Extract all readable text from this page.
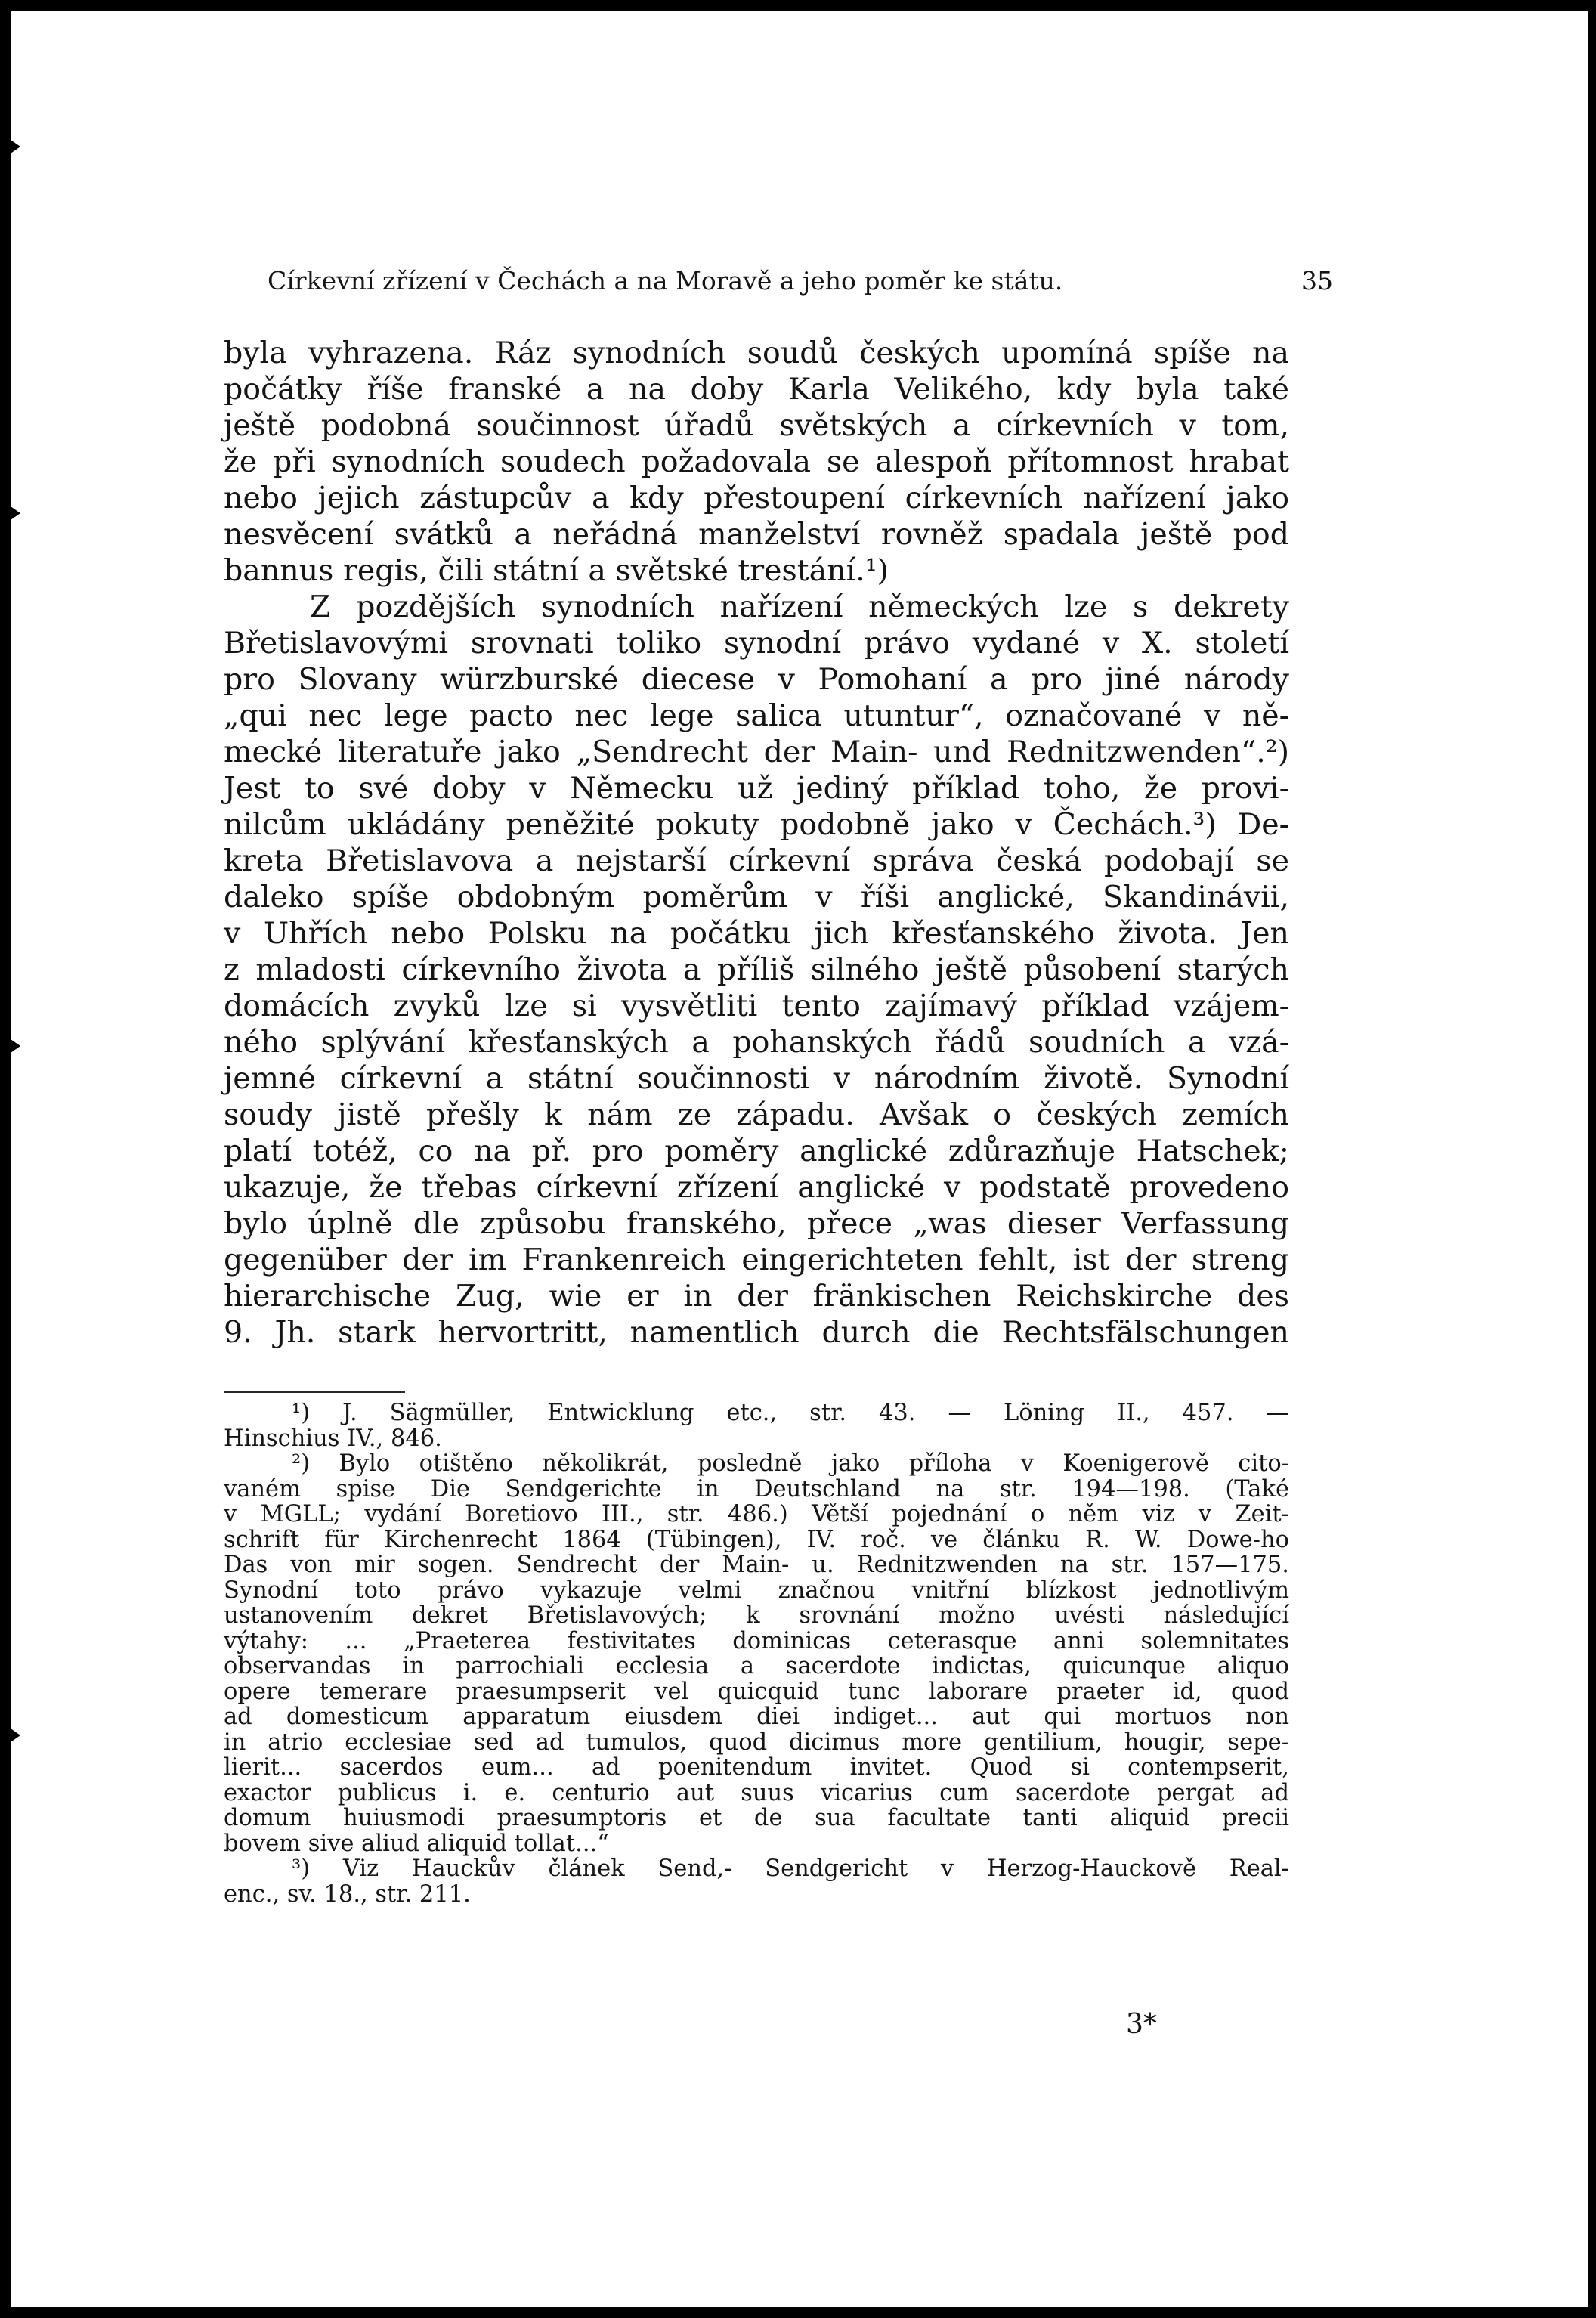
Církevní zřízení v Čechách a na Moravě a jeho poměr ke státu.	35
byla vyhrazena. Ráz synodních soudů českých upomíná spíše na
počátky říše franské a na doby Karla Velikého, kdy byla také
ještě podobná součinnost úřadů světských a církevních v tom,
že při synodních soudech požadovala se alespoň přítomnost hrabat
nebo jejich zástupcův a kdy přestoupení církevních nařízení jako
nesvěcení svátků a neřádná manželství rovněž spadala ještě pod
bannus regis, čili státní a světské trestání.¹)
Z pozdějších synodních nařízení německých lze s dekrety
Břetislavovými srovnati toliko synodní právo vydané v X. století
pro Slovany würzburské diecese v Pomohaní a pro jiné národy
„qui nec lege pacto nec lege salica utuntur“, označované v ně-
mecké literatuře jako „Sendrecht der Main- und Rednitzwenden“.²)
Jest to své doby v Německu už jediný příklad toho, že provi-
nilcům ukládány peněžité pokuty podobně jako v Čechách.³) De-
kreta Břetislavova a nejstarší církevní správa česká podobají se
daleko spíše obdobným poměrům v říši anglické, Skandinávii,
v Uhřích nebo Polsku na počátku jich křesťanského života. Jen
z mladosti církevního života a příliš silného ještě působení starých
domácích zvyků lze si vysvětliti tento zajímavý příklad vzájem-
ného splývání křesťanských a pohanských řádů soudních a vzá-
jemné církevní a státní součinnosti v národním životě. Synodní
soudy jistě přešly k nám ze západu. Avšak o českých zemích
platí totéž, co na př. pro poměry anglické zdůrazňuje Hatschek;
ukazuje, že třebas církevní zřízení anglické v podstatě provedeno
bylo úplně dle způsobu franského, přece „was dieser Verfassung
gegenüber der im Frankenreich eingerichteten fehlt, ist der streng
hierarchische Zug, wie er in der fränkischen Reichskirche des
9. Jh. stark hervortritt, namentlich durch die Rechtsfälschungen
¹) J. Sägmüller, Entwicklung etc., str. 43. — Löning II., 457. —
Hinschius IV., 846.
²) Bylo otištěno několikrát, posledně jako příloha v Koenigerově cito-
vaném spise Die Sendgerichte in Deutschland na str. 194—198. (Také
v MGLL; vydání Boretiovo III., str. 486.) Větší pojednání o něm viz v Zeit-
schrift für Kirchenrecht 1864 (Tübingen), IV. roč. ve článku R. W. Dowe-ho
Das von mir sogen. Sendrecht der Main- u. Rednitzwenden na str. 157—175.
Synodní toto právo vykazuje velmi značnou vnitřní blízkost jednotlivým
ustanovením dekret Břetislavových; k srovnání možno uvésti následující
výtahy: ... „Praeterea festivitates dominicas ceterasque anni solemnitates
observandas in parrochiali ecclesia a sacerdote indictas, quicunque aliquo
opere temerare praesumpserit vel quicquid tunc laborare praeter id, quod
ad domesticum apparatum eiusdem diei indiget... aut qui mortuos non
in atrio ecclesiae sed ad tumulos, quod dicimus more gentilium, hougir, sepe-
lierit... sacerdos eum... ad poenitendum invitet. Quod si contempserit,
exactor publicus i. e. centurio aut suus vicarius cum sacerdote pergat ad
domum huiusmodi praesumptoris et de sua facultate tanti aliquid precii
bovem sive aliud aliquid tollat...“
³) Viz Hauckův článek Send,- Sendgericht v Herzog-Hauckově Real-
enc., sv. 18., str. 211.
3*
